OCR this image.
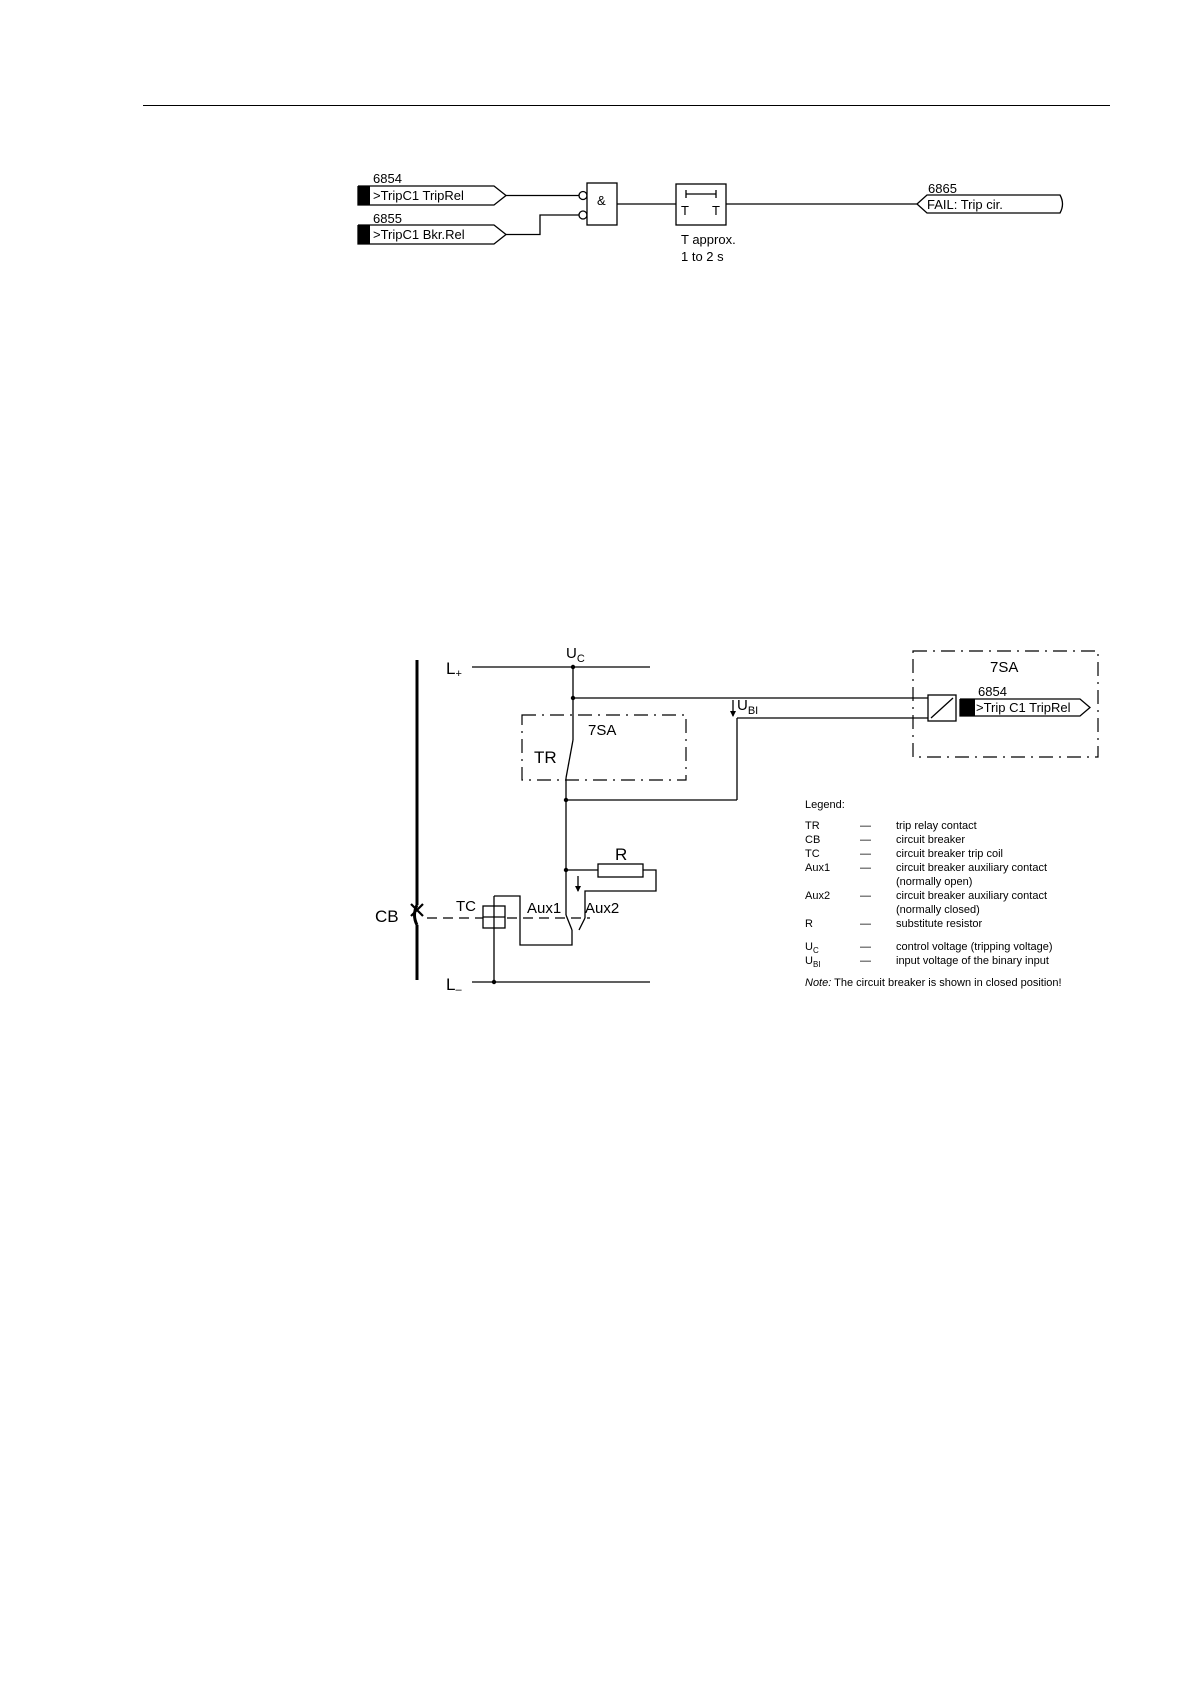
6854
>TripC1 TripRel
6855
>TripC1 Bkr.Rel
&
T T
T approx.
1 to 2 s
6865
FAIL: Trip cir.
CB
L+
$U_C$
L–
7SA
TR
$U_{BI}$
R
Aux2
Aux1
TC
7SA
6854
>Trip C1 TripRel
Legend:
TR	— trip relay contact
CB	— circuit breaker
TC	— circuit breaker trip coil
Aux1	— circuit breaker auxiliary contact
(normally open)
Aux2	— circuit breaker auxiliary contact
(normally closed)
R	— substitute resistor
$U_C$	— control voltage (tripping voltage)
$U_{BI}$	— input voltage of the binary input
Note: The circuit breaker is shown in closed position!
